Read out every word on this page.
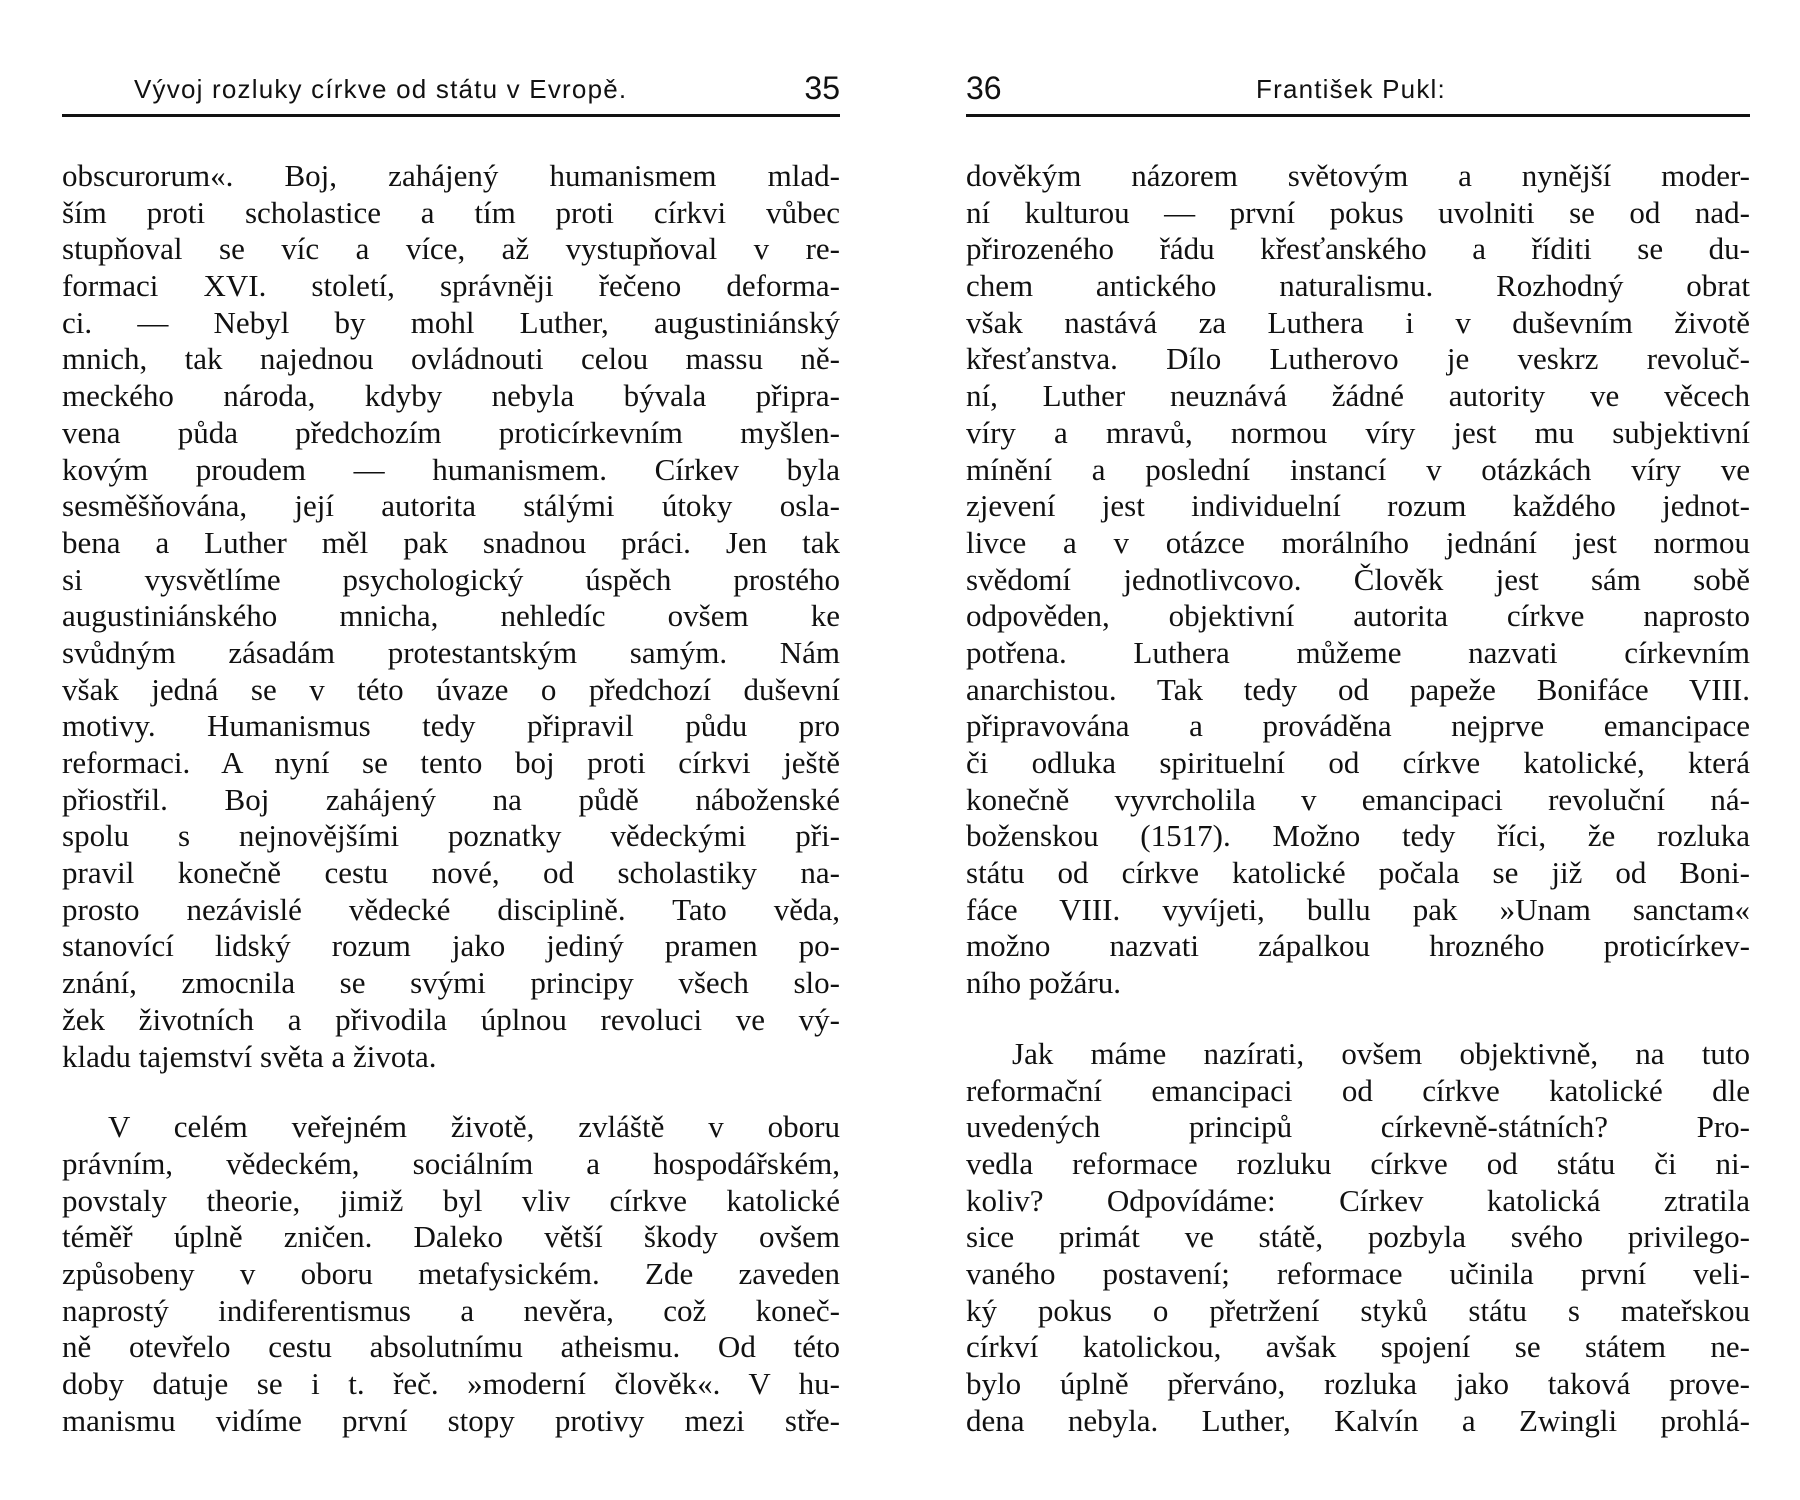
Vývoj rozluky církve od státu v Evropě.	35
obscurorum«. Boj, zahájený humanismem mlad-
ším proti scholastice a tím proti církvi vůbec
stupňoval se víc a více, až vystupňoval v re-
formaci XVI. století, správněji řečeno deforma-
ci. — Nebyl by mohl Luther, augustiniánský
mnich, tak najednou ovládnouti celou massu ně-
meckého národa, kdyby nebyla bývala připra-
vena půda předchozím proticírkevním myšlen-
kovým proudem — humanismem. Církev byla
sesměšňována, její autorita stálými útoky osla-
bena a Luther měl pak snadnou práci. Jen tak
si vysvětlíme psychologický úspěch prostého
augustiniánského mnicha, nehledíc ovšem ke
svůdným zásadám protestantským samým. Nám
však jedná se v této úvaze o předchozí duševní
motivy. Humanismus tedy připravil půdu pro
reformaci. A nyní se tento boj proti církvi ještě
přiostřil. Boj zahájený na půdě náboženské
spolu s nejnovějšími poznatky vědeckými při-
pravil konečně cestu nové, od scholastiky na-
prosto nezávislé vědecké disciplině. Tato věda,
stanovící lidský rozum jako jediný pramen po-
znání, zmocnila se svými principy všech slo-
žek životních a přivodila úplnou revoluci ve vý-
kladu tajemství světa a života.
V celém veřejném životě, zvláště v oboru
právním, vědeckém, sociálním a hospodářském,
povstaly theorie, jimiž byl vliv církve katolické
téměř úplně zničen. Daleko větší škody ovšem
způsobeny v oboru metafysickém. Zde zaveden
naprostý indiferentismus a nevěra, což koneč-
ně otevřelo cestu absolutnímu atheismu. Od této
doby datuje se i t. řeč. »moderní člověk«. V hu-
manismu vidíme první stopy protivy mezi stře-
36	František Pukl:
dověkým názorem světovým a nynější moder-
ní kulturou — první pokus uvolniti se od nad-
přirozeného řádu křesťanského a říditi se du-
chem antického naturalismu. Rozhodný obrat
však nastává za Luthera i v duševním životě
křesťanstva. Dílo Lutherovo je veskrz revoluč-
ní, Luther neuznává žádné autority ve věcech
víry a mravů, normou víry jest mu subjektivní
mínění a poslední instancí v otázkách víry ve
zjevení jest individuelní rozum každého jednot-
livce a v otázce morálního jednání jest normou
svědomí jednotlivcovo. Člověk jest sám sobě
odpověden, objektivní autorita církve naprosto
potřena. Luthera můžeme nazvati církevním
anarchistou. Tak tedy od papeže Bonifáce VIII.
připravována a prováděna nejprve emancipace
či odluka spirituelní od církve katolické, která
konečně vyvrcholila v emancipaci revoluční ná-
boženskou (1517). Možno tedy říci, že rozluka
státu od církve katolické počala se již od Boni-
fáce VIII. vyvíjeti, bullu pak »Unam sanctam«
možno nazvati zápalkou hrozného proticírkev-
ního požáru.
Jak máme nazírati, ovšem objektivně, na tuto
reformační emancipaci od církve katolické dle
uvedených principů církevně-státních? Pro-
vedla reformace rozluku církve od státu či ni-
koliv? Odpovídáme: Církev katolická ztratila
sice primát ve státě, pozbyla svého privilego-
vaného postavení; reformace učinila první veli-
ký pokus o přetržení styků státu s mateřskou
církví katolickou, avšak spojení se státem ne-
bylo úplně přerváno, rozluka jako taková prove-
dena nebyla. Luther, Kalvín a Zwingli prohlá-
